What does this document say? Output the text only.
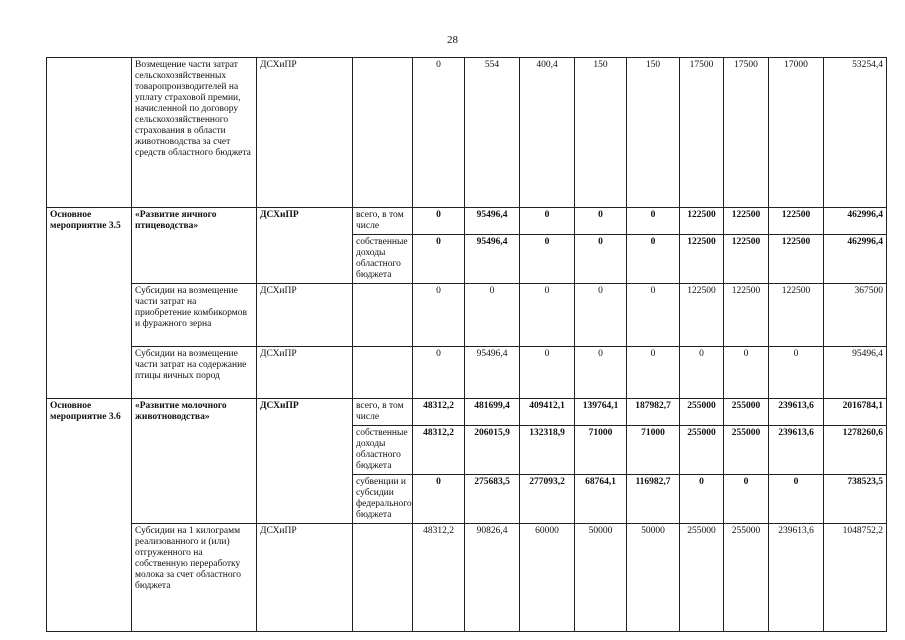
28
	Возмещение части затрат сельскохозяйственных товаропроизводителей на уплату страховой премии, начисленной по договору сельскохозяйственного страхования в области животноводства за счет средств областного бюджета	ДСХиПР		0	554	400,4	150	150	17500	17500	17000	53254,4
Основное мероприятие 3.5	«Развитие яичного птицеводства»	ДСХиПР	всего, в том числе	0	95496,4	0	0	0	122500	122500	122500	462996,4
			собственные доходы областного бюджета	0	95496,4	0	0	0	122500	122500	122500	462996,4
	Субсидии на возмещение части затрат на приобретение комбикормов и фуражного зерна	ДСХиПР		0	0	0	0	0	122500	122500	122500	367500
	Субсидии на возмещение части затрат на содержание птицы яичных пород	ДСХиПР		0	95496,4	0	0	0	0	0	0	95496,4
Основное мероприятие 3.6	«Развитие молочного животноводства»	ДСХиПР	всего, в том числе	48312,2	481699,4	409412,1	139764,1	187982,7	255000	255000	239613,6	2016784,1
			собственные доходы областного бюджета	48312,2	206015,9	132318,9	71000	71000	255000	255000	239613,6	1278260,6
			субвенции и субсидии федерального бюджета	0	275683,5	277093,2	68764,1	116982,7	0	0	0	738523,5
	Субсидии на 1 килограмм реализованного и (или) отгруженного на собственную переработку молока за счет областного бюджета	ДСХиПР		48312,2	90826,4	60000	50000	50000	255000	255000	239613,6	1048752,2
